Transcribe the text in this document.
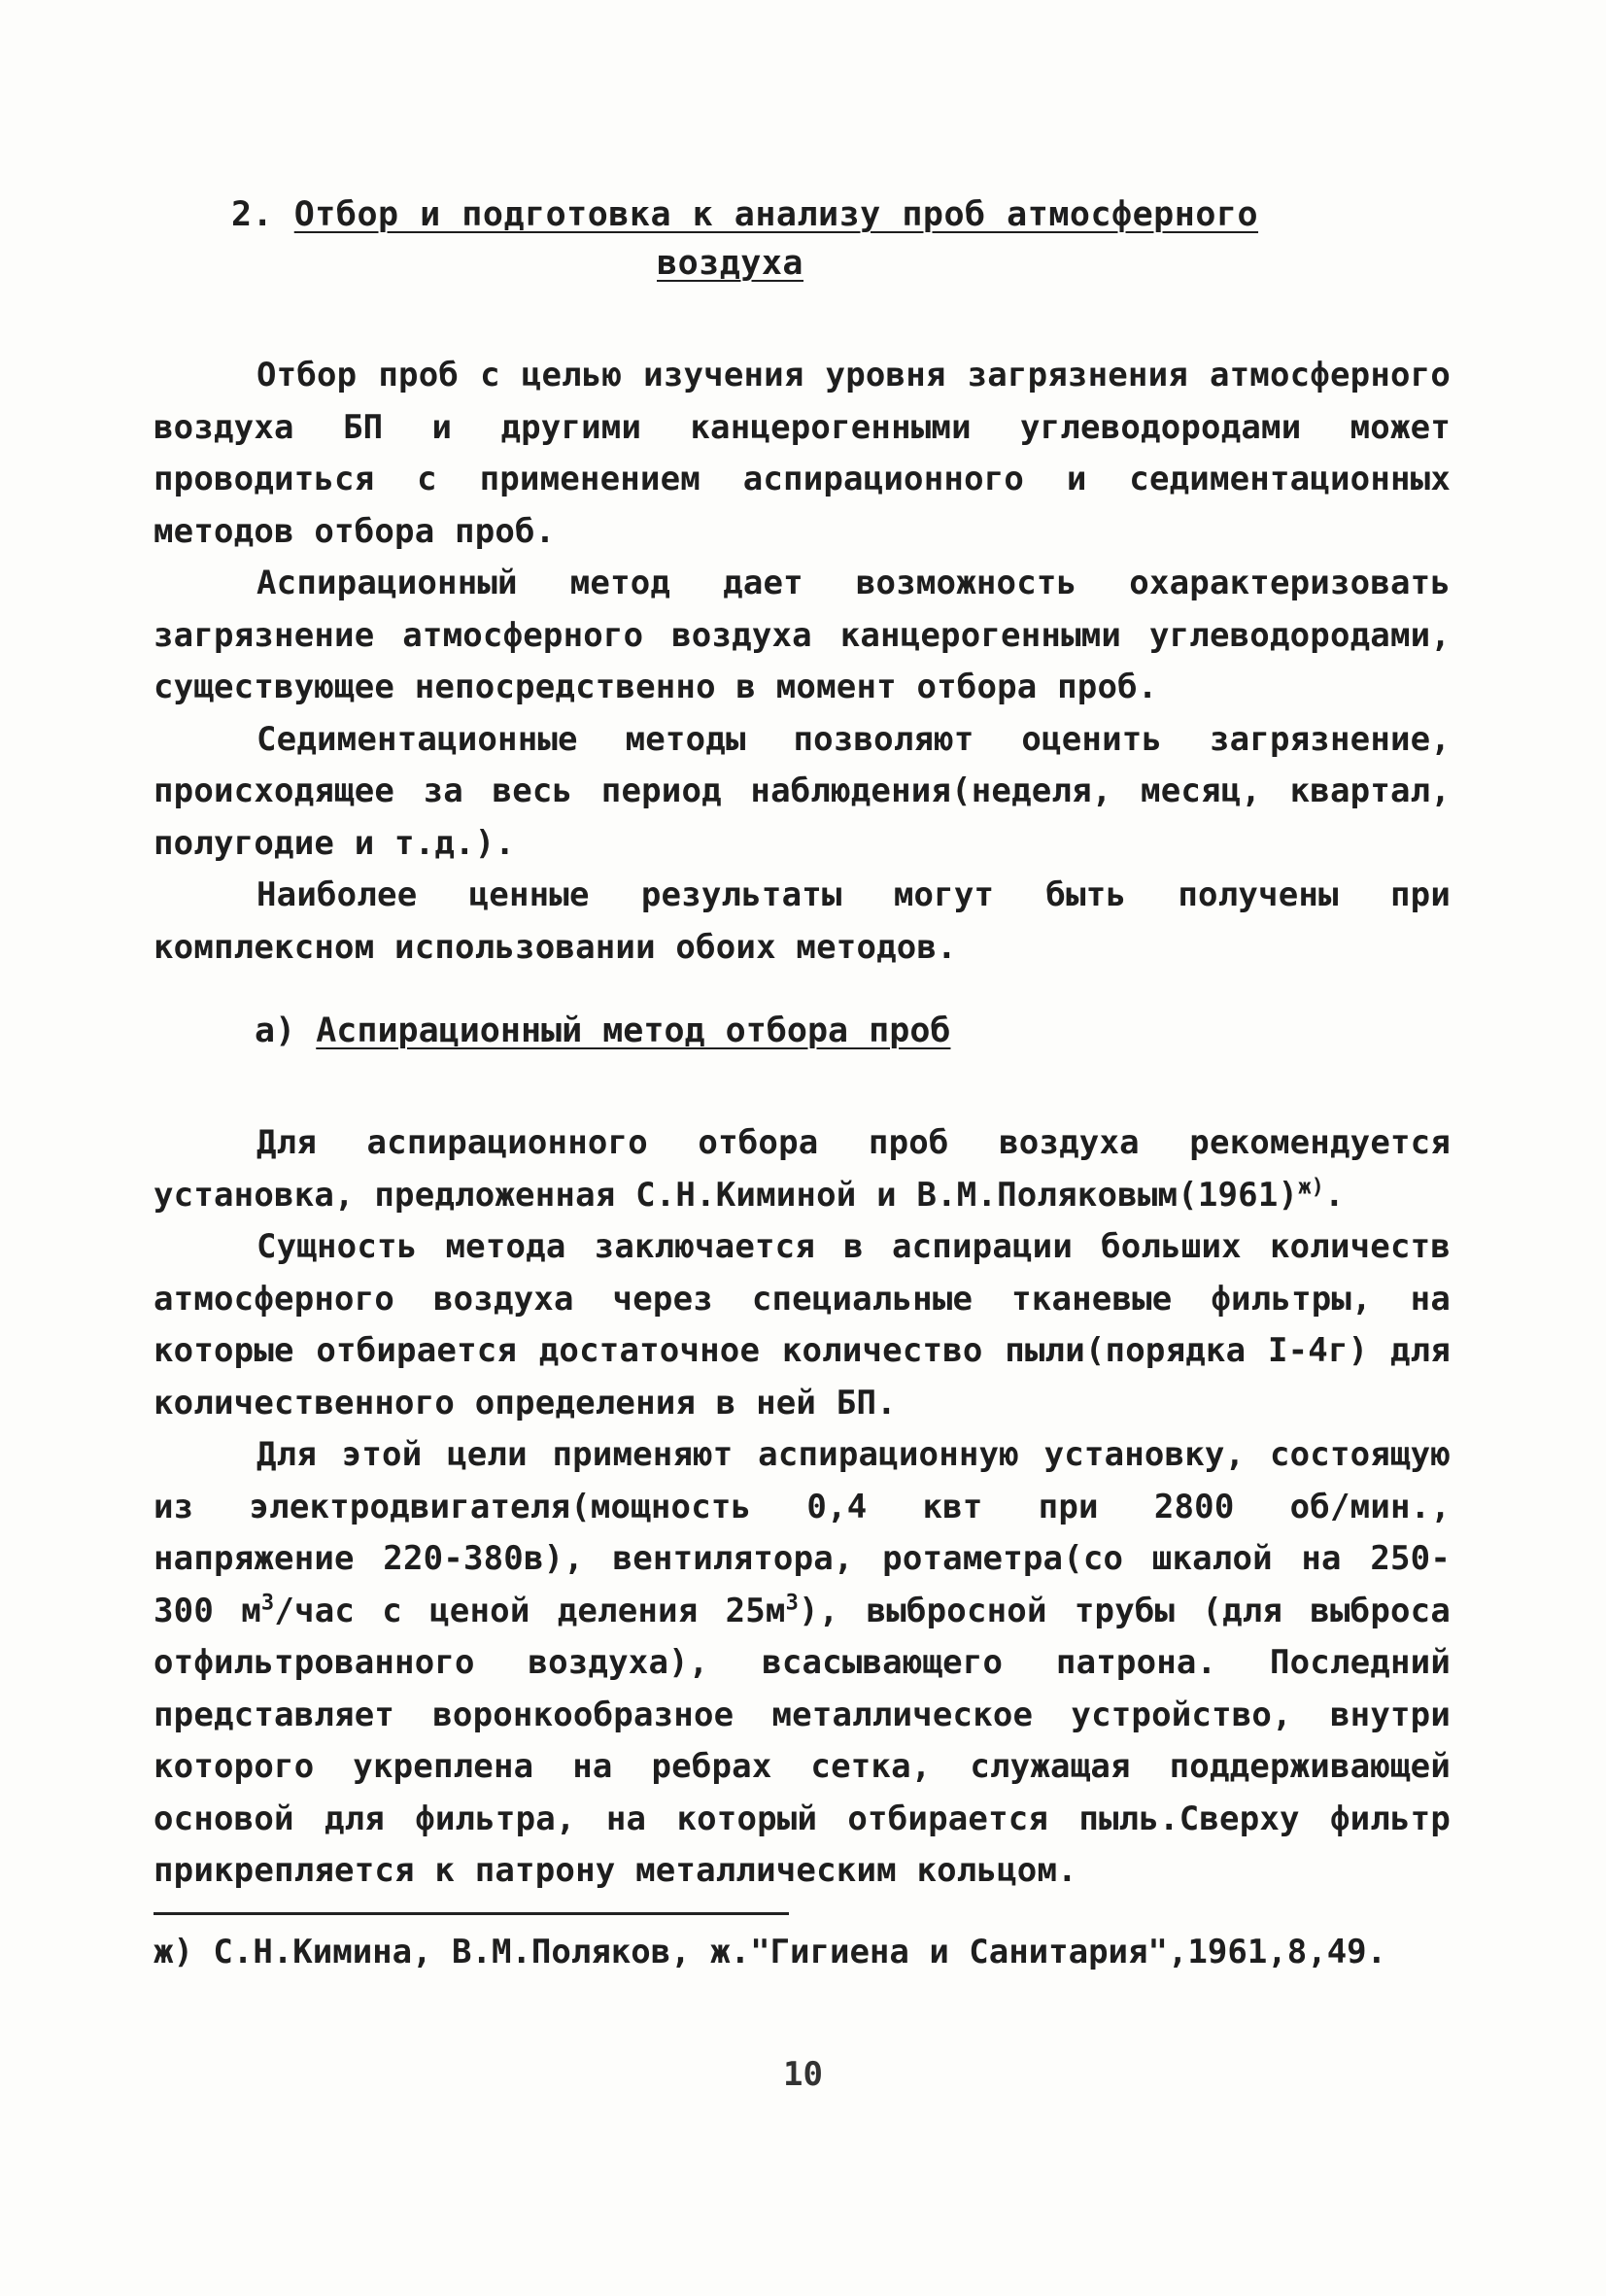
2. Отбор и подготовка к анализу проб атмосферного
воздуха

Отбор проб с целью изучения уровня загрязнения атмосферного воздуха БП и другими канцерогенными углеводородами может проводиться с применением аспирационного и седиментационных методов отбора проб.

Аспирационный метод дает возможность охарактеризовать загрязнение атмосферного воздуха канцерогенными углеводородами, существующее непосредственно в момент отбора проб.

Седиментационные методы позволяют оценить загрязнение, происходящее за весь период наблюдения(неделя, месяц, квартал, полугодие и т.д.).

Наиболее ценные результаты могут быть получены при комплексном использовании обоих методов.

а) Аспирационный метод отбора проб

Для аспирационного отбора проб воздуха рекомендуется установка, предложенная С.Н.Киминой и $В.М.Поляковым(1961)^{ж)}$.

Сущность метода заключается в аспирации больших количеств атмосферного воздуха через специальные тканевые фильтры, на которые отбирается достаточное количество пыли(порядка I-4г) для количественного определения в ней БП.

Для этой цели применяют аспирационную установку, состоящую из электродвигателя(мощность 0,4 квт при 2800 об/мин., напряжение 220-380в), вентилятора, ротаметра(со шкалой на 250-300 $м^3$/час с ценой деления $25м^3$), выбросной трубы (для выброса отфильтрованного воздуха), всасывающего патрона. Последний представляет воронкообразное металлическое устройство, внутри которого укреплена на ребрах сетка, служащая поддерживающей основой для фильтра, на который отбирается пыль.Сверху фильтр прикрепляется к патрону металлическим кольцом.

ж) С.Н.Кимина, В.М.Поляков, ж."Гигиена и Санитария",1961,8,49.
10
